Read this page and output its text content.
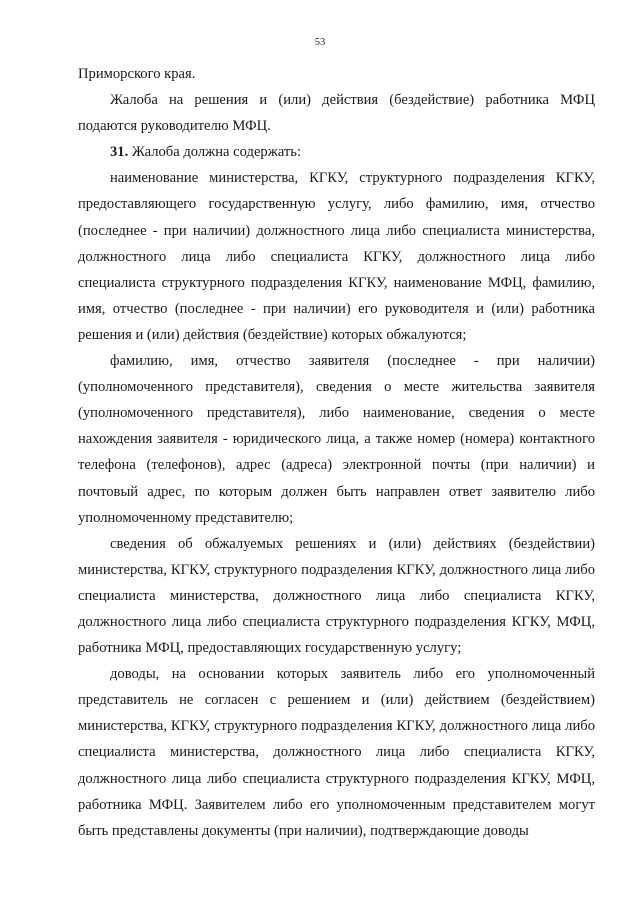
53

Приморского края.

Жалоба на решения и (или) действия (бездействие) работника МФЦ подаются руководителю МФЦ.

31. Жалоба должна содержать:

наименование министерства, КГКУ, структурного подразделения КГКУ, предоставляющего государственную услугу, либо фамилию, имя, отчество (последнее - при наличии) должностного лица либо специалиста министерства, должностного лица либо специалиста КГКУ, должностного лица либо специалиста структурного подразделения КГКУ, наименование МФЦ, фамилию, имя, отчество (последнее - при наличии) его руководителя и (или) работника решения и (или) действия (бездействие) которых обжалуются;

фамилию, имя, отчество заявителя (последнее - при наличии) (уполномоченного представителя), сведения о месте жительства заявителя (уполномоченного представителя), либо наименование, сведения о месте нахождения заявителя - юридического лица, а также номер (номера) контактного телефона (телефонов), адрес (адреса) электронной почты (при наличии) и почтовый адрес, по которым должен быть направлен ответ заявителю либо уполномоченному представителю;

сведения об обжалуемых решениях и (или) действиях (бездействии) министерства, КГКУ, структурного подразделения КГКУ, должностного лица либо специалиста министерства, должностного лица либо специалиста КГКУ, должностного лица либо специалиста структурного подразделения КГКУ, МФЦ, работника МФЦ, предоставляющих государственную услугу;

доводы, на основании которых заявитель либо его уполномоченный представитель не согласен с решением и (или) действием (бездействием) министерства, КГКУ, структурного подразделения КГКУ, должностного лица либо специалиста министерства, должностного лица либо специалиста КГКУ, должностного лица либо специалиста структурного подразделения КГКУ, МФЦ, работника МФЦ. Заявителем либо его уполномоченным представителем могут быть представлены документы (при наличии), подтверждающие доводы
